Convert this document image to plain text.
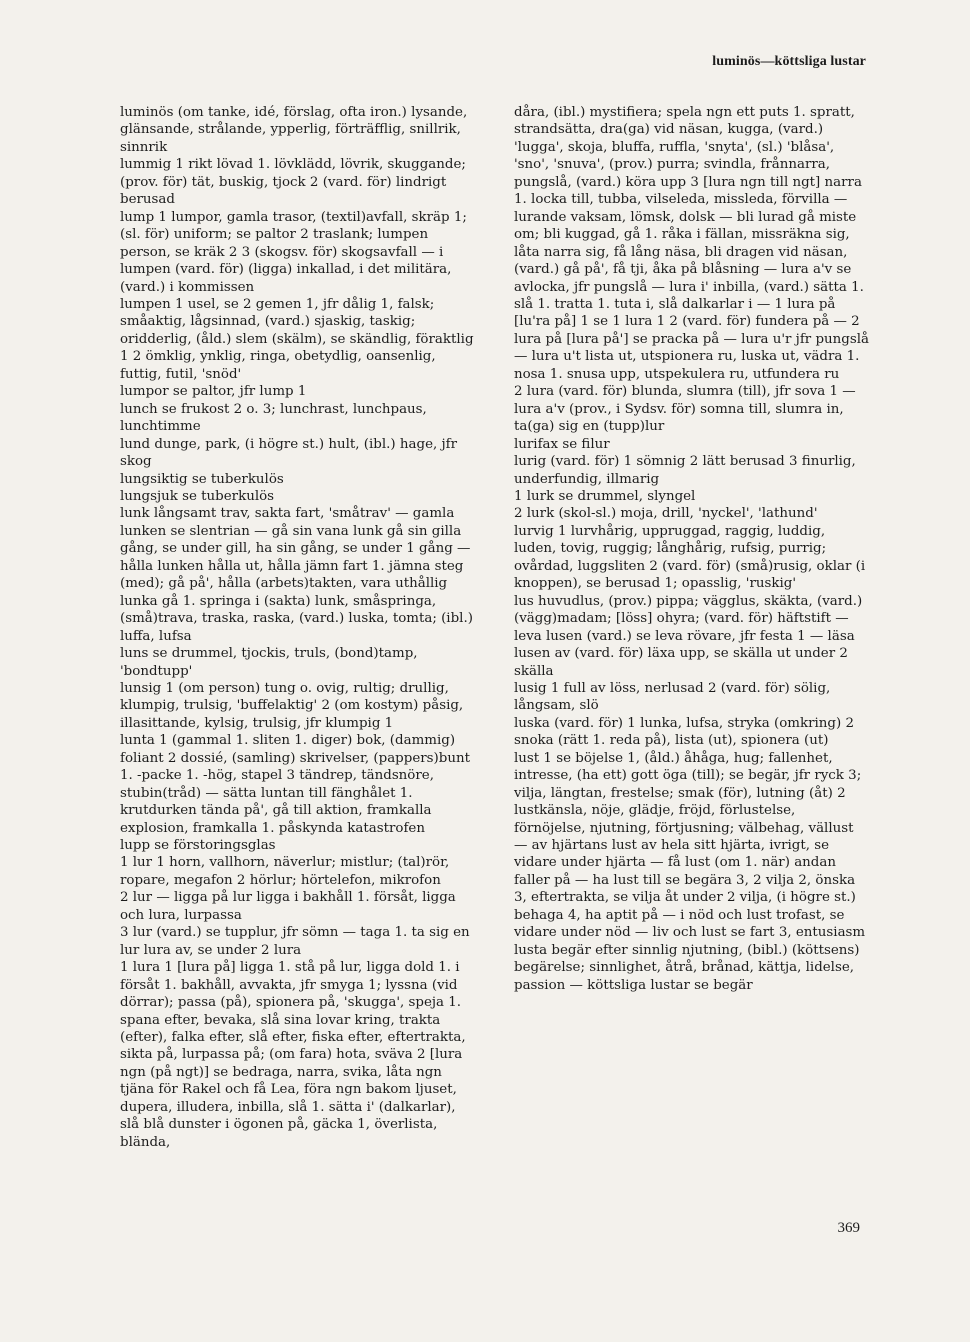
luminös—köttsliga lustar

luminös (om tanke, idé, förslag, ofta iron.) lysande, glänsande, strålande, ypperlig, förträfflig, snillrik, sinnrik

lummig 1 rikt lövad 1. lövklädd, lövrik, skuggande; (prov. för) tät, buskig, tjock 2 (vard. för) lindrigt berusad

lump 1 lumpor, gamla trasor, (textil)avfall, skräp 1; (sl. för) uniform; se paltor 2 traslank; lumpen person, se kräk 2 3 (skogsv. för) skogsavfall — i lumpen (vard. för) (ligga) inkallad, i det militära, (vard.) i kommissen

lumpen 1 usel, se 2 gemen 1, jfr dålig 1, falsk; småaktig, lågsinnad, (vard.) sjaskig, taskig; oridderlig, (åld.) slem (skälm), se skändlig, föraktlig 1 2 ömklig, ynklig, ringa, obetydlig, oansenlig, futtig, futil, 'snöd'

lumpor se paltor, jfr lump 1

lunch se frukost 2 o. 3; lunchrast, lunchpaus, lunchtimme

lund dunge, park, (i högre st.) hult, (ibl.) hage, jfr skog

lungsiktig se tuberkulös

lungsjuk se tuberkulös

lunk långsamt trav, sakta fart, 'småtrav' — gamla lunken se slentrian — gå sin vana lunk gå sin gilla gång, se under gill, ha sin gång, se under 1 gång — hålla lunken hålla ut, hålla jämn fart 1. jämna steg (med); gå på', hålla (arbets)takten, vara uthållig

lunka gå 1. springa i (sakta) lunk, småspringa, (små)trava, traska, raska, (vard.) luska, tomta; (ibl.) luffa, lufsa

luns se drummel, tjockis, truls, (bond)tamp, 'bondtupp'

lunsig 1 (om person) tung o. ovig, rultig; drullig, klumpig, trulsig, 'buffelaktig' 2 (om kostym) påsig, illasittande, kylsig, trulsig, jfr klumpig 1

lunta 1 (gammal 1. sliten 1. diger) bok, (dammig) foliant 2 dossié, (samling) skrivelser, (pappers)bunt 1. -packe 1. -hög, stapel 3 tändrep, tändsnöre, stubin(tråd) — sätta luntan till fänghålet 1. krutdurken tända på', gå till aktion, framkalla explosion, framkalla 1. påskynda katastrofen

lupp se förstoringsglas

1 lur 1 horn, vallhorn, näverlur; mistlur; (tal)rör, ropare, megafon 2 hörlur; hörtelefon, mikrofon

2 lur — ligga på lur ligga i bakhåll 1. försåt, ligga och lura, lurpassa

3 lur (vard.) se tupplur, jfr sömn — taga 1. ta sig en lur lura av, se under 2 lura

1 lura 1 [lura på] ligga 1. stå på lur, ligga dold 1. i försåt 1. bakhåll, avvakta, jfr smyga 1; lyssna (vid dörrar); passa (på), spionera på, 'skugga', speja 1. spana efter, bevaka, slå sina lovar kring, trakta (efter), falka efter, slå efter, fiska efter, eftertrakta, sikta på, lurpassa på; (om fara) hota, sväva 2 [lura ngn (på ngt)] se bedraga, narra, svika, låta ngn tjäna för Rakel och få Lea, föra ngn bakom ljuset, dupera, illudera, inbilla, slå 1. sätta i' (dalkarlar), slå blå dunster i ögonen på, gäcka 1, överlista, blända,

dåra, (ibl.) mystifiera; spela ngn ett puts 1. spratt, strandsätta, dra(ga) vid näsan, kugga, (vard.) 'lugga', skoja, bluffa, ruffla, 'snyta', (sl.) 'blåsa', 'sno', 'snuva', (prov.) purra; svindla, frånnarra, pungslå, (vard.) köra upp 3 [lura ngn till ngt] narra 1. locka till, tubba, vilseleda, missleda, förvilla — lurande vaksam, lömsk, dolsk — bli lurad gå miste om; bli kuggad, gå 1. råka i fällan, missräkna sig, låta narra sig, få lång näsa, bli dragen vid näsan, (vard.) gå på', få tji, åka på blåsning — lura a'v se avlocka, jfr pungslå — lura i' inbilla, (vard.) sätta 1. slå 1. tratta 1. tuta i, slå dalkarlar i — 1 lura på [lu'ra på] 1 se 1 lura 1 2 (vard. för) fundera på — 2 lura på [lura på'] se pracka på — lura u'r jfr pungslå — lura u't lista ut, utspionera ru, luska ut, vädra 1. nosa 1. snusa upp, utspekulera ru, utfundera ru

2 lura (vard. för) blunda, slumra (till), jfr sova 1 — lura a'v (prov., i Sydsv. för) somna till, slumra in, ta(ga) sig en (tupp)lur

lurifax se filur

lurig (vard. för) 1 sömnig 2 lätt berusad 3 finurlig, underfundig, illmarig

1 lurk se drummel, slyngel

2 lurk (skol-sl.) moja, drill, 'nyckel', 'lathund'

lurvig 1 lurvhårig, uppruggad, raggig, luddig, luden, tovig, ruggig; långhårig, rufsig, purrig; ovårdad, luggsliten 2 (vard. för) (små)rusig, oklar (i knoppen), se berusad 1; opasslig, 'ruskig'

lus huvudlus, (prov.) pippa; vägglus, skäkta, (vard.) (vägg)madam; [löss] ohyra; (vard. för) häftstift — leva lusen (vard.) se leva rövare, jfr festa 1 — läsa lusen av (vard. för) läxa upp, se skälla ut under 2 skälla

lusig 1 full av löss, nerlusad 2 (vard. för) sölig, långsam, slö

luska (vard. för) 1 lunka, lufsa, stryka (omkring) 2 snoka (rätt 1. reda på), lista (ut), spionera (ut)

lust 1 se böjelse 1, (åld.) åhåga, hug; fallenhet, intresse, (ha ett) gott öga (till); se begär, jfr ryck 3; vilja, längtan, frestelse; smak (för), lutning (åt) 2 lustkänsla, nöje, glädje, fröjd, förlustelse, förnöjelse, njutning, förtjusning; välbehag, vällust — av hjärtans lust av hela sitt hjärta, ivrigt, se vidare under hjärta — få lust (om 1. när) andan faller på — ha lust till se begära 3, 2 vilja 2, önska 3, eftertrakta, se vilja åt under 2 vilja, (i högre st.) behaga 4, ha aptit på — i nöd och lust trofast, se vidare under nöd — liv och lust se fart 3, entusiasm

lusta begär efter sinnlig njutning, (bibl.) (köttsens) begärelse; sinnlighet, åtrå, brånad, kättja, lidelse, passion — köttsliga lustar se begär

369
